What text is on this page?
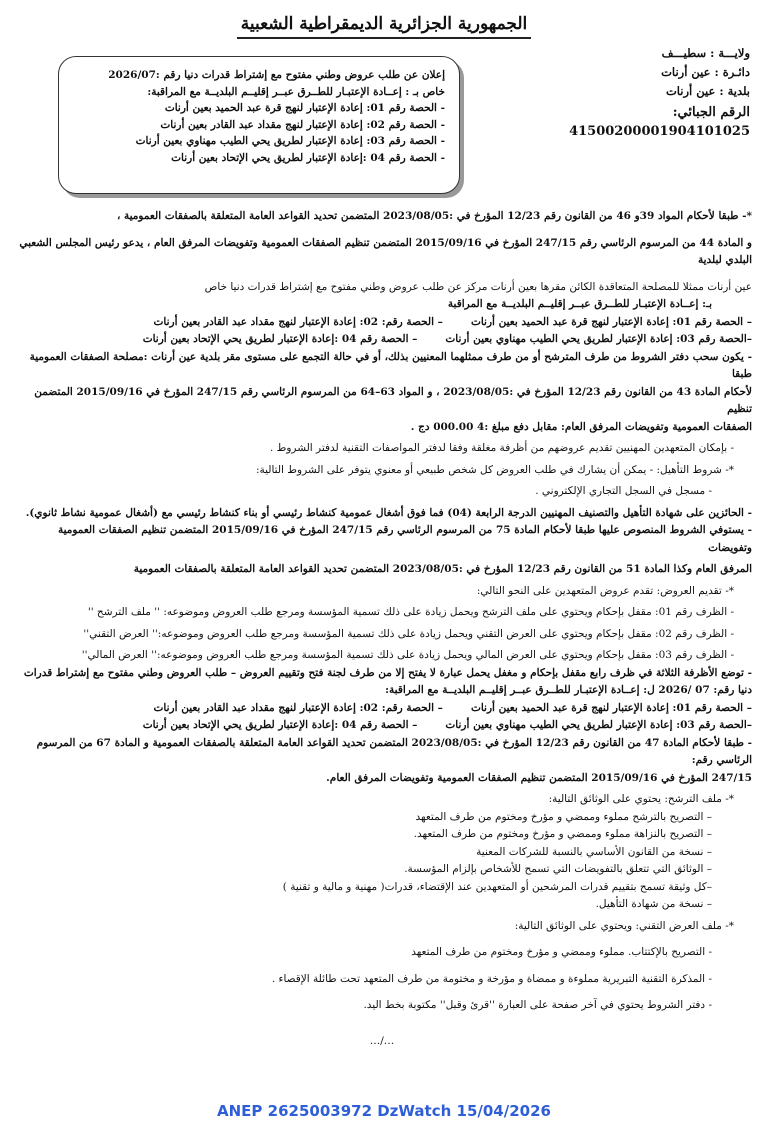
الجمهورية الجزائرية الديمقراطية الشعبية
ولايـــة : سطيـــف
دائـرة : عين أرنات
بلدية : عين أرنات
الرقم الجبائي: 41500200001904101025
إعلان عن طلب عروض وطني مفتوح مع إشتراط قدرات دنيا رقم :2026/07
خاص بـ : إعــادة الإعتبـار للطــرق عبــر إقليــم البلديــة مع المراقبة:
- الحصة رقم 01: إعادة الإعتبار لنهج قرة عبد الحميد بعين أرنات
- الحصة رقم 02: إعادة الإعتبار لنهج مقداد عبد القادر بعين أرنات
- الحصة رقم 03: إعادة الإعتبار لطريق يحي الطيب مهناوي بعين أرنات
- الحصة رقم 04 :إعادة الإعتبار لطريق يحي الإتحاد بعين أرنات

*- طبقا لأحكام المواد 39و 46 من القانون رقم 12/23 المؤرخ في :2023/08/05 المتضمن تحديد القواعد العامة المتعلقة بالصفقات العمومية ،

و المادة 44 من المرسوم الرئاسي رقم 247/15 المؤرخ في 2015/09/16 المتضمن تنظيم الصفقات العمومية وتفويضات المرفق العام ، يدعو رئيس المجلس الشعبي البلدي لبلدية

عين أرنات ممثلا للمصلحة المتعاقدة الكائن مقرها بعين أرنات مركز عن طلب عروض وطني مفتوح مع إشتراط قدرات دنيا خاص

بـ: إعــادة الإعتبـار للطــرق عبــر إقليــم البلديــة مع المراقبة

– الحصة رقم 01: إعادة الإعتبار لنهج قرة عبد الحميد بعين أرنات
– الحصة رقم: 02: إعادة الإعتبار لنهج مقداد عبد القادر بعين أرنات
–الحصة رقم 03: إعادة الإعتبار لطريق يحي الطيب مهناوي بعين أرنات
– الحصة رقم 04 :إعادة الإعتبار لطريق يحي الإتحاد بعين أرنات

- يكون سحب دفتر الشروط من طرف المترشح أو من طرف ممثلهما المعنيين بذلك، أو في حالة التجمع على مستوى مقر بلدية عين أرنات :مصلحة الصفقات العمومية طبقا

لأحكام المادة 43 من القانون رقم 12/23 المؤرخ في :2023/08/05 ، و المواد 63–64 من المرسوم الرئاسي رقم 247/15 المؤرخ في 2015/09/16 المتضمن تنظيم

الصفقات العمومية وتفويضات المرفق العام: مقابل دفع مبلغ :4 000.00 دج .

- بإمكان المتعهدين المهنيين تقديم عروضهم من أظرفة مغلقة وفقا لدفتر المواصفات التقنية لدفتر الشروط .

*- شروط التأهيل: - يمكن أن يشارك في طلب العروض كل شخص طبيعي أو معنوي يتوفر على الشروط التالية:

- مسجل في السجل التجاري الإلكتروني .

- الحائزين على شهادة التأهيل والتصنيف المهنيين الدرجة الرابعة (04) فما فوق أشغال عمومية كنشاط رئيسي أو بناء كنشاط رئيسي مع (أشغال عمومية نشاط ثانوي).

- يستوفي الشروط المنصوص عليها طبقا لأحكام المادة 75 من المرسوم الرئاسي رقم 247/15 المؤرخ في 2015/09/16 المتضمن تنظيم الصفقات العمومية وتفويضات

المرفق العام وكذا المادة 51 من القانون رقم 12/23 المؤرخ في :2023/08/05 المتضمن تحديد القواعد العامة المتعلقة بالصفقات العمومية

*- تقديم العروض: تقدم عروض المتعهدين على النحو التالي:

- الظرف رقم 01: مقفل بإحكام ويحتوي على ملف الترشح ويحمل زيادة على ذلك تسمية المؤسسة ومرجع طلب العروض وموضوعه: '' ملف الترشح ''

- الظرف رقم 02: مقفل بإحكام ويحتوي على العرض التقني ويحمل زيادة على ذلك تسمية المؤسسة ومرجع طلب العروض وموضوعه:'' العرض التقني''

- الظرف رقم 03: مقفل بإحكام ويحتوي على العرض المالي ويحمل زيادة على ذلك تسمية المؤسسة ومرجع طلب العروض وموضوعه:'' العرض المالي''

- توضع الأظرفة الثلاثة في ظرف رابع مقفل بإحكام و مغفل يحمل عبارة لا يفتح إلا من طرف لجنة فتح وتقييم العروض – طلب العروض وطني مفتوح مع إشتراط قدرات

دنيا رقم: 07 /2026 ل: إعــادة الإعتبـار للطــرق عبــر إقليــم البلديــة مع المراقبة:

– الحصة رقم 01: إعادة الإعتبار لنهج قرة عبد الحميد بعين أرنات
– الحصة رقم: 02: إعادة الإعتبار لنهج مقداد عبد القادر بعين أرنات
–الحصة رقم 03: إعادة الإعتبار لطريق يحي الطيب مهناوي بعين أرنات
– الحصة رقم 04 :إعادة الإعتبار لطريق يحي الإتحاد بعين أرنات

- طبقا لأحكام المادة 47 من القانون رقم 12/23 المؤرخ في :2023/08/05 المتضمن تحديد القواعد العامة المتعلقة بالصفقات العمومية و المادة 67 من المرسوم الرئاسي رقم:

247/15 المؤرخ في 2015/09/16 المتضمن تنظيم الصفقات العمومية وتفويضات المرفق العام.

*- ملف الترشح: يحتوي على الوثائق التالية:

– التصريح بالترشح مملوء وممضي و مؤرخ ومختوم من طرف المتعهد

– التصريح بالنزاهة مملوء وممضي و مؤرخ ومختوم من طرف المتعهد.

– نسخة من القانون الأساسي بالنسبة للشركات المعنية

– الوثائق التي تتعلق بالتفويضات التي تسمح للأشخاص بإلزام المؤسسة.

–كل وثيقة تسمح بتقييم قدرات المرشحين أو المتعهدين عند الإقتضاء، قدرات( مهنية و مالية و تقنية )

– نسخة من شهادة التأهيل.

*- ملف العرض التقني: ويحتوي على الوثائق التالية:

- التصريح بالإكتتاب. مملوء وممضي و مؤرخ ومختوم من طرف المتعهد

- المذكرة التقنية التبريرية مملوءة و ممضاة و مؤرخة و مختومة من طرف المتعهد تحت طائلة الإقصاء .

- دفتر الشروط يحتوي في آخر صفحة على العبارة ''قرئ وقبل'' مكتوبة بخط اليد.

…/…
ANEP 2625003972 DzWatch 15/04/2026
